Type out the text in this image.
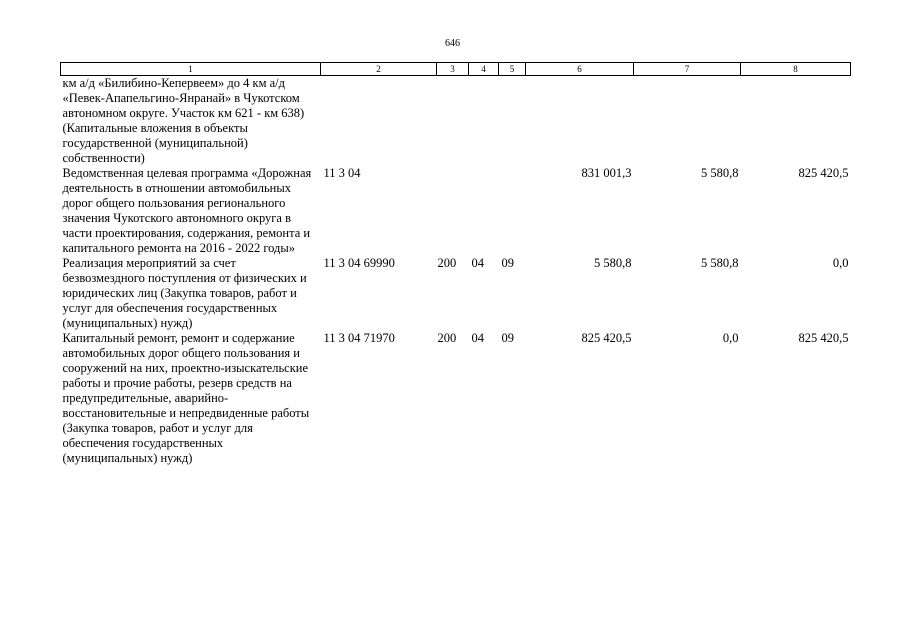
646
1	2	3	4	5	6	7	8
км а/д «Билибино-Кепервеем» до 4 км а/д «Певек-Апапельгино-Янранай» в Чукотском автономном округе. Участок км 621 - км 638) (Капитальные вложения в объекты государственной (муниципальной) собственности)							
Ведомственная целевая программа «Дорожная деятельность в отношении автомобильных дорог общего пользования регионального значения Чукотского автономного округа в части проектирования, содержания, ремонта и капитального ремонта на 2016 - 2022 годы»	11 3 04				831 001,3	5 580,8	825 420,5
Реализация мероприятий за счет безвозмездного поступления от физических и юридических лиц (Закупка товаров, работ и услуг для обеспечения государственных (муниципальных) нужд)	11 3 04 69990	200	04	09	5 580,8	5 580,8	0,0
Капитальный ремонт, ремонт и содержание автомобильных дорог общего пользования и сооружений на них, проектно-изыскательские работы и прочие работы, резерв средств на предупредительные, аварийно-восстановительные и непредвиденные работы (Закупка товаров, работ и услуг для обеспечения государственных (муниципальных) нужд)	11 3 04 71970	200	04	09	825 420,5	0,0	825 420,5
